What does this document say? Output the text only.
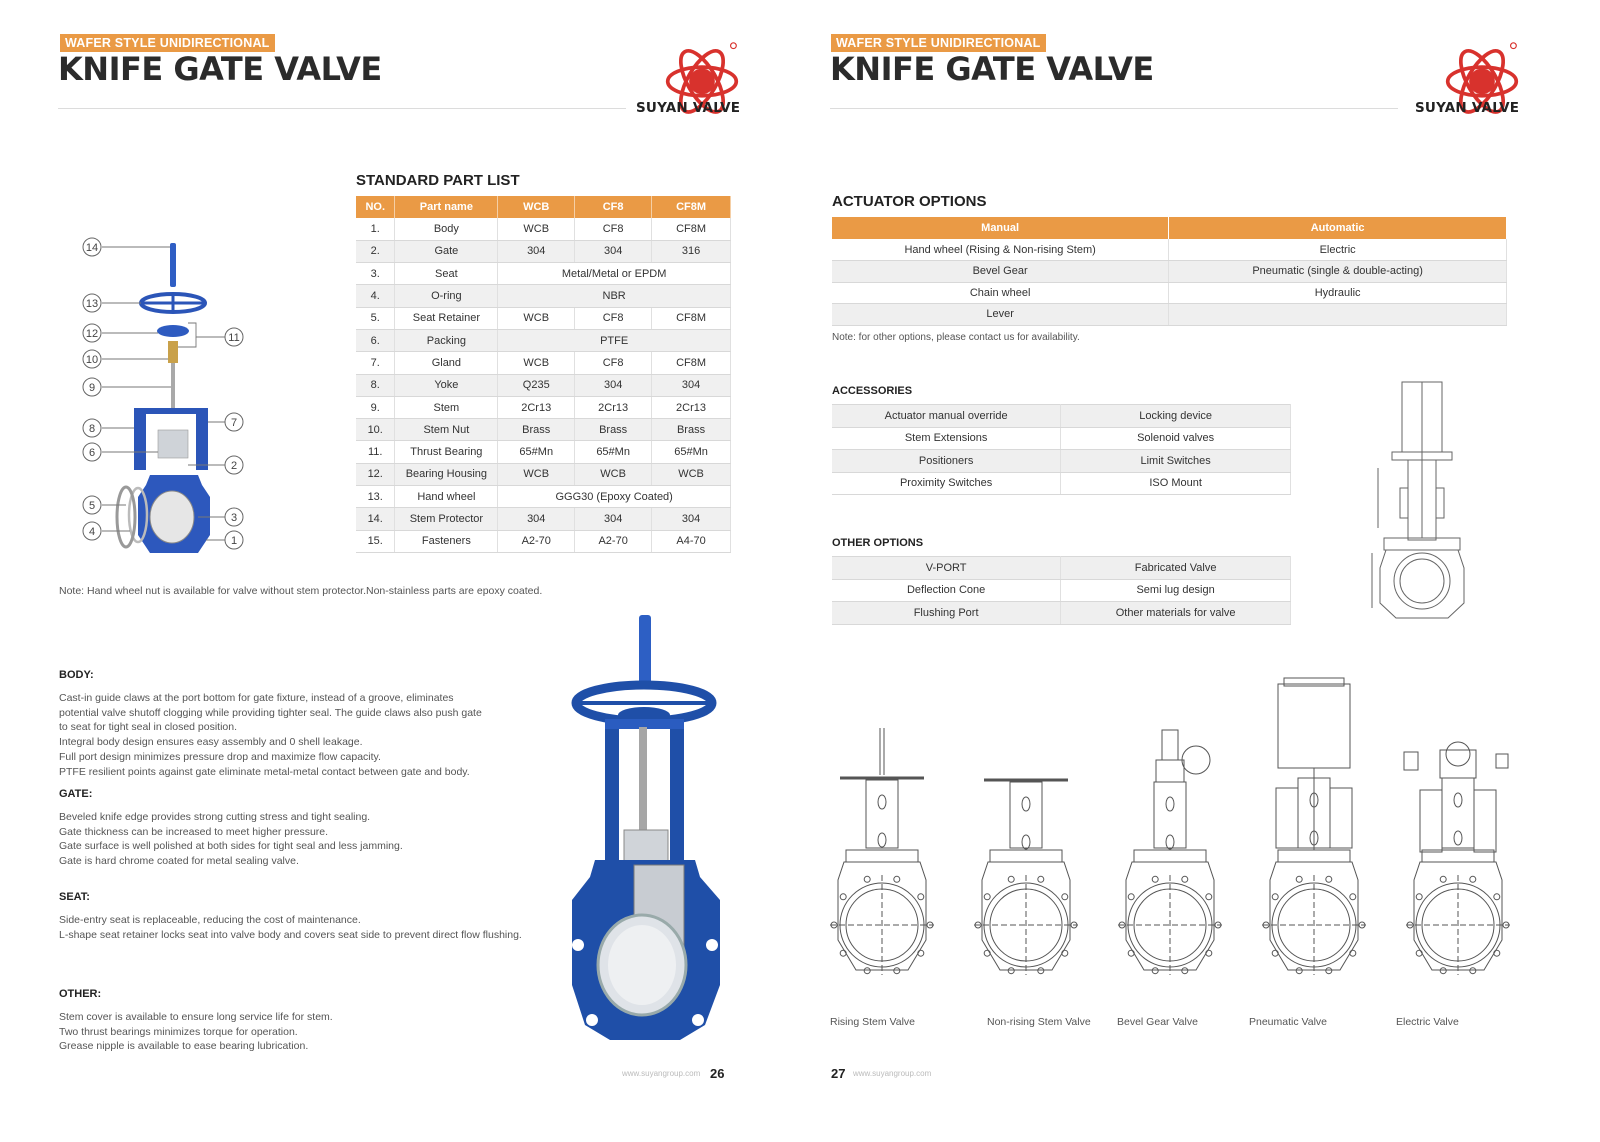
WAFER STYLE UNIDIRECTIONAL
KNIFE GATE VALVE
SUYAN VALVE
STANDARD PART LIST
NO.	Part name	WCB	CF8	CF8M
1.	Body	WCB	CF8	CF8M
2.	Gate	304	304	316
3.	Seat	Metal/Metal or EPDM		
4.	O-ring	NBR		
5.	Seat Retainer	WCB	CF8	CF8M
6.	Packing	PTFE		
7.	Gland	WCB	CF8	CF8M
8.	Yoke	Q235	304	304
9.	Stem	2Cr13	2Cr13	2Cr13
10.	Stem Nut	Brass	Brass	Brass
11.	Thrust Bearing	65#Mn	65#Mn	65#Mn
12.	Bearing Housing	WCB	WCB	WCB
13.	Hand wheel	GGG30 (Epoxy Coated)		
14.	Stem Protector	304	304	304
15.	Fasteners	A2-70	A2-70	A4-70
14
13
12	11
10
9
8	7
6
2
5
3
4
1
Note: Hand wheel nut is available for valve without stem protector.Non-stainless parts are epoxy coated.
BODY:
Cast-in guide claws at the port bottom for gate fixture, instead of a groove, eliminates
potential valve shutoff clogging while providing tighter seal. The guide claws also push gate
to seat for tight seal in closed position.
Integral body design ensures easy assembly and 0 shell leakage.
Full port design minimizes pressure drop and maximize flow capacity.
PTFE resilient points against gate eliminate metal-metal contact between gate and body.
GATE:
Beveled knife edge provides strong cutting stress and tight sealing.
Gate thickness can be increased to meet higher pressure.
Gate surface is well polished at both sides for tight seal and less jamming.
Gate is hard chrome coated for metal sealing valve.
SEAT:
Side-entry seat is replaceable, reducing the cost of maintenance.
L-shape seat retainer locks seat into valve body and covers seat side to prevent direct flow flushing.
OTHER:
Stem cover is available to ensure long service life for stem.
Two thrust bearings minimizes torque for operation.
Grease nipple is available to ease bearing lubrication.
www.suyangroup.com 26
WAFER STYLE UNIDIRECTIONAL
KNIFE GATE VALVE
SUYAN VALVE
ACTUATOR OPTIONS
Manual	Automatic
Hand wheel (Rising & Non-rising Stem)	Electric
Bevel Gear	Pneumatic (single & double-acting)
Chain wheel	Hydraulic
Lever	
Note: for other options, please contact us for availability.
ACCESSORIES
Actuator manual override	Locking device
Stem Extensions	Solenoid valves
Positioners	Limit Switches
Proximity Switches	ISO Mount
OTHER OPTIONS
V-PORT	Fabricated Valve
Deflection Cone	Semi lug design
Flushing Port	Other materials for valve
Rising Stem Valve	Non-rising Stem Valve	Bevel Gear Valve	Pneumatic Valve	Electric Valve
27 www.suyangroup.com
